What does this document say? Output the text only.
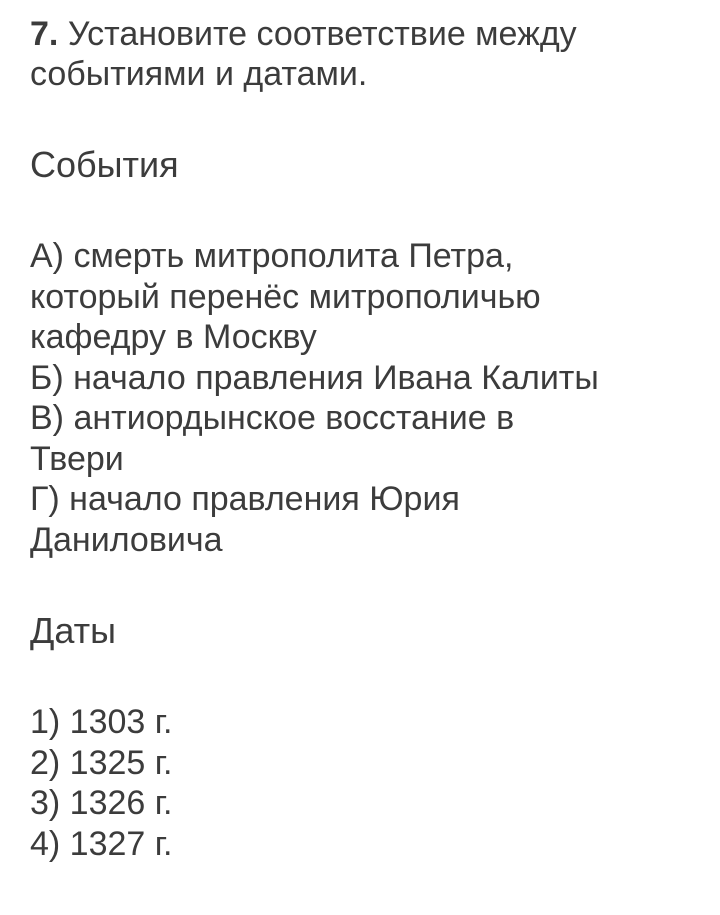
7. Установите соответствие между

событиями и датами.

События

А) смерть митрополита Петра,

который перенёс митрополичью

кафедру в Москву

Б) начало правления Ивана Калиты

В) антиордынское восстание в

Твери

Г) начало правления Юрия

Даниловича

Даты

1) 1303 г.

2) 1325 г.

3) 1326 г.

4) 1327 г.
